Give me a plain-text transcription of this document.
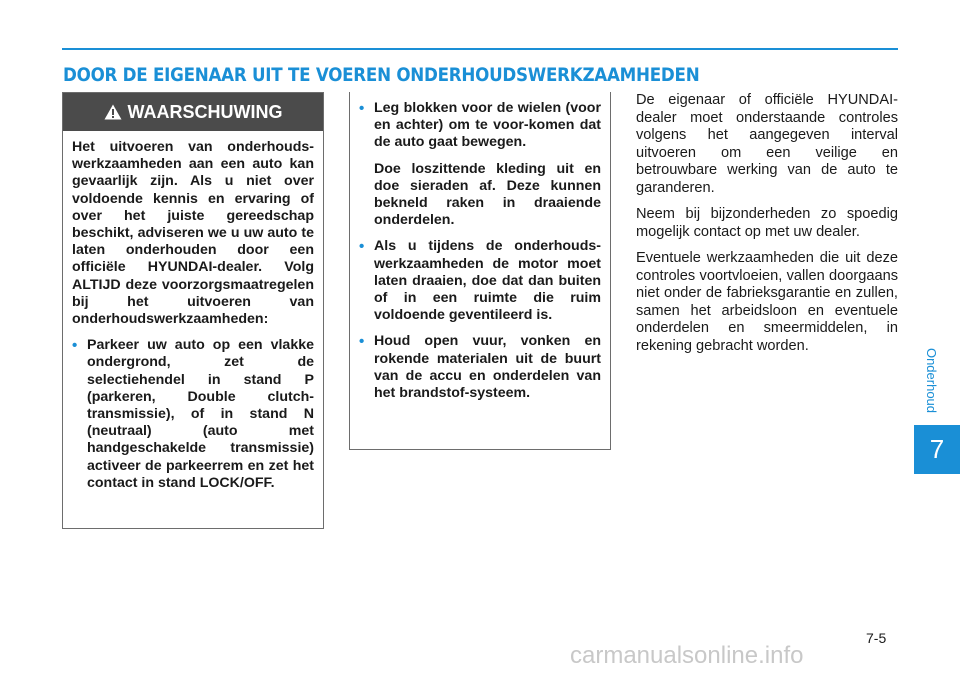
DOOR DE EIGENAAR UIT TE VOEREN ONDERHOUDSWERKZAAMHEDEN
WAARSCHUWING

Het uitvoeren van onderhouds-werkzaamheden aan een auto kan gevaarlijk zijn. Als u niet over voldoende kennis en ervaring of over het juiste gereedschap beschikt, adviseren we u uw auto te laten onderhouden door een officiële HYUNDAI-dealer. Volg ALTIJD deze voorzorgsmaatregelen bij het uitvoeren van onderhoudswerkzaamheden:

• Parkeer uw auto op een vlakke ondergrond, zet de selectiehendel in stand P (parkeren, Double clutch-transmissie), of in stand N (neutraal) (auto met handgeschakelde transmissie) activeer de parkeerrem en zet het contact in stand LOCK/OFF.
• Leg blokken voor de wielen (voor en achter) om te voor-komen dat de auto gaat bewegen.
Doe loszittende kleding uit en doe sieraden af. Deze kunnen bekneld raken in draaiende onderdelen.
• Als u tijdens de onderhouds-werkzaamheden de motor moet laten draaien, doe dat dan buiten of in een ruimte die ruim voldoende geventileerd is.
• Houd open vuur, vonken en rokende materialen uit de buurt van de accu en onderdelen van het brandstof-systeem.

De eigenaar of officiële HYUNDAI-dealer moet onderstaande controles volgens het aangegeven interval uitvoeren om een veilige en betrouwbare werking van de auto te garanderen.

Neem bij bijzonderheden zo spoedig mogelijk contact op met uw dealer.

Eventuele werkzaamheden die uit deze controles voortvloeien, vallen doorgaans niet onder de fabrieksgarantie en zullen, samen het arbeidsloon en eventuele onderdelen en smeermiddelen, in rekening gebracht worden.

Onderhoud
7
7-5
carmanualsonline.info
